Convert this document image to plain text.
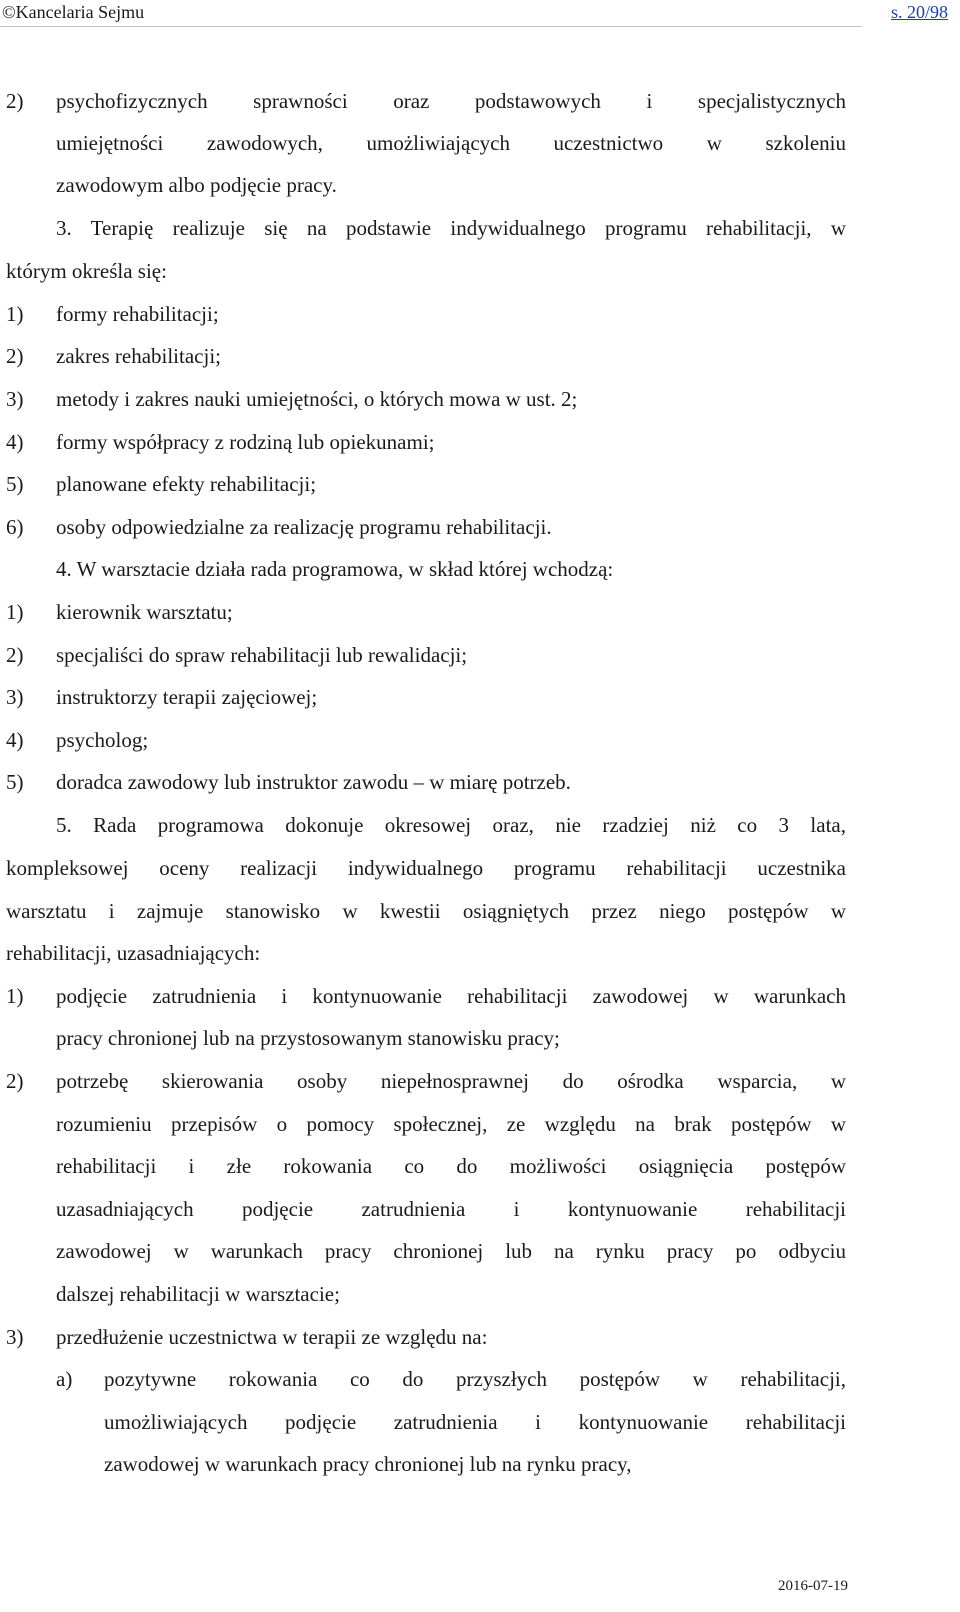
©Kancelaria Sejmu	s. 20/98
2) psychofizycznych sprawności oraz podstawowych i specjalistycznych
umiejętności zawodowych, umożliwiających uczestnictwo w szkoleniu
zawodowym albo podjęcie pracy.
3. Terapię realizuje się na podstawie indywidualnego programu rehabilitacji, w
którym określa się:
1) formy rehabilitacji;
2) zakres rehabilitacji;
3) metody i zakres nauki umiejętności, o których mowa w ust. 2;
4) formy współpracy z rodziną lub opiekunami;
5) planowane efekty rehabilitacji;
6) osoby odpowiedzialne za realizację programu rehabilitacji.
4. W warsztacie działa rada programowa, w skład której wchodzą:
1) kierownik warsztatu;
2) specjaliści do spraw rehabilitacji lub rewalidacji;
3) instruktorzy terapii zajęciowej;
4) psycholog;
5) doradca zawodowy lub instruktor zawodu – w miarę potrzeb.
5. Rada programowa dokonuje okresowej oraz, nie rzadziej niż co 3 lata,
kompleksowej oceny realizacji indywidualnego programu rehabilitacji uczestnika
warsztatu i zajmuje stanowisko w kwestii osiągniętych przez niego postępów w
rehabilitacji, uzasadniających:
1) podjęcie zatrudnienia i kontynuowanie rehabilitacji zawodowej w warunkach
pracy chronionej lub na przystosowanym stanowisku pracy;
2) potrzebę skierowania osoby niepełnosprawnej do ośrodka wsparcia, w
rozumieniu przepisów o pomocy społecznej, ze względu na brak postępów w
rehabilitacji i złe rokowania co do możliwości osiągnięcia postępów
uzasadniających podjęcie zatrudnienia i kontynuowanie rehabilitacji
zawodowej w warunkach pracy chronionej lub na rynku pracy po odbyciu
dalszej rehabilitacji w warsztacie;
3) przedłużenie uczestnictwa w terapii ze względu na:
a)	pozytywne rokowania co do przyszłych postępów w rehabilitacji,
umożliwiających podjęcie zatrudnienia i kontynuowanie rehabilitacji
zawodowej w warunkach pracy chronionej lub na rynku pracy,
2016-07-19
